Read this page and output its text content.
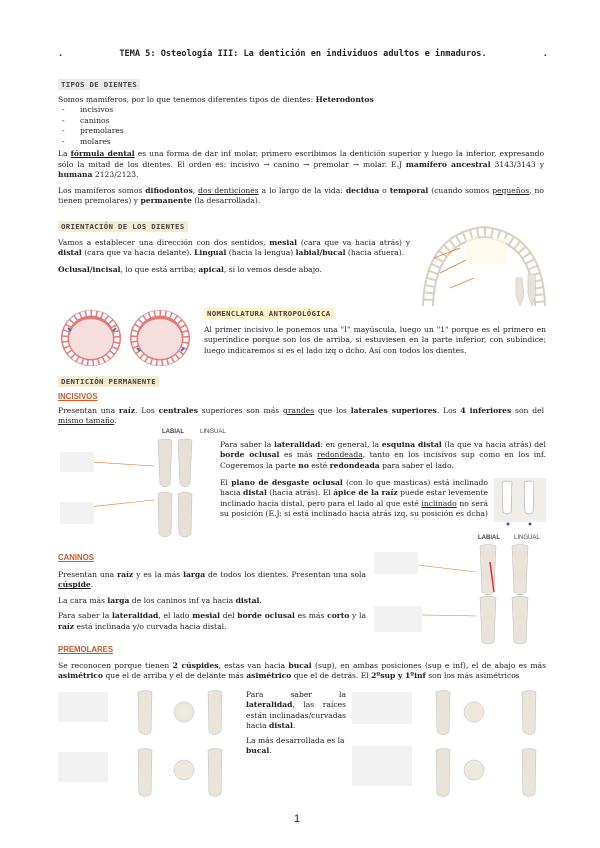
.	TEMA 5: Osteología III: La dentición en individuos adultos e inmaduros.	.
TIPOS DE DIENTES

Somos mamíferos, por lo que tenemos diferentes tipos de dientes: Heterodontos

- incisivos
- caninos
- premolares
- molares

La fórmula dental es una forma de dar inf molar, primero escribimos la dentición superior y luego la inferior, expresando sólo la mitad de los dientes. El orden es: incisivo → canino → premolar → molar. E.J mamífero ancestral 3143/3143 y humana 2123/2123.

Los mamíferos somos difiodontos, dos denticiones a lo largo de la vida: decidua o temporal (cuando somos pequeños, no tienen premolares) y permanente (la desarrollada).

ORIENTACIÓN DE LOS DIENTES

Vamos a establecer una dirección con dos sentidos, mesial (cara que va hacia atrás) y distal (cara que va hacia delante). Lingual (hacia la lengua) labial/bucal (hacia afuera).

Oclusal/incisal, lo que está arriba; apical, si lo vemos desde abajo.

NOMENCLATURA ANTROPOLÓGICA

Al primer incisivo le ponemos una "I" mayúscula, luego un "1" porque es el primero en superíndice porque son los de arriba, si estuviesen en la parte inferior, con subíndice; luego indicaremos si es el lado izq o dcho. Así con todos los dientes.

DENTICIÓN PERMANENTE
INCISIVOS

Presentan una raíz. Los centrales superiores son más grandes que los laterales superiores. Los 4 inferiores son del mismo tamaño.

LABIAL	LINGUAL

Para saber la lateralidad: en general, la esquina distal (la que va hacia atrás) del borde oclusal es más redondeada, tanto en los incisivos sup como en los inf. Cogeremos la parte no esté redondeada para saber el lado.

El plano de desgaste oclusal (con lo que masticas) está inclinado hacia distal (hacia atrás). El ápice de la raíz puede estar levemente inclinado hacia distal, pero para el lado al que esté inclinado no será su posición (E.J: si está inclinado hacia atrás izq, su posición es dcha)

CANINOS

Presentan una raíz y es la más larga de todos los dientes. Presentan una sola cúspide.

La cara más larga de los caninos inf va hacia distal.

Para saber la lateralidad, el lado mesial del borde oclusal es más corto y la raíz está inclinada y/o curvada hacia distal.

LABIAL LINGUAL
PREMOLARES

Se reconocen porque tienen 2 cúspides, estas van hacia bucal (sup), en ambas posiciones (sup e inf), el de abajo es más asimétrico que el de arriba y el de delante más asimétrico que el de detrás. El 2ºsup y 1ºinf son los más asimétricos

Para saber la lateralidad, las raíces están inclinadas/curvadas hacia distal.

La más desarrollada es la bucal.

1
